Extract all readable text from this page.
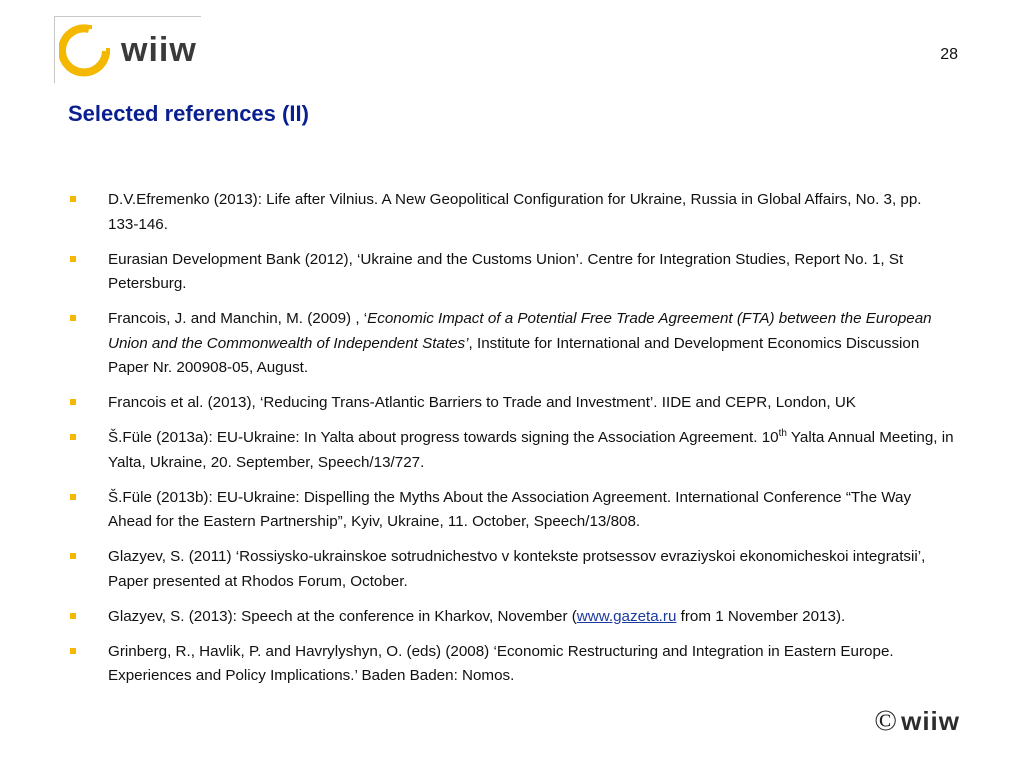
wiiw	28
Selected references (II)
D.V.Efremenko (2013): Life after Vilnius. A New Geopolitical Configuration for Ukraine, Russia in Global Affairs, No. 3, pp. 133-146.
Eurasian Development Bank (2012), ‘Ukraine and the Customs Union’. Centre for Integration Studies, Report No. 1, St Petersburg.
Francois, J. and Manchin, M. (2009) , ‘Economic Impact of a Potential Free Trade Agreement (FTA) between the European Union and the Commonwealth of Independent States’, Institute for International and Development Economics Discussion Paper Nr. 200908-05, August.
Francois et al. (2013), ‘Reducing Trans-Atlantic Barriers to Trade and Investment’. IIDE and CEPR, London, UK
Š.Füle (2013a): EU-Ukraine: In Yalta about progress towards signing the Association Agreement. 10th Yalta Annual Meeting, in Yalta, Ukraine, 20. September, Speech/13/727.
Š.Füle (2013b): EU-Ukraine: Dispelling the Myths About the Association Agreement. International Conference “The Way Ahead for the Eastern Partnership”, Kyiv, Ukraine, 11. October, Speech/13/808.
Glazyev, S. (2011) ‘Rossiysko-ukrainskoe sotrudnichestvo v kontekste protsessov evraziyskoi ekonomicheskoi integratsii’, Paper presented at Rhodos Forum, October.
Glazyev, S. (2013): Speech at the conference in Kharkov, November (www.gazeta.ru from 1 November 2013).
Grinberg, R., Havlik, P. and Havrylyshyn, O. (eds) (2008) ‘Economic Restructuring and Integration in Eastern Europe. Experiences and Policy Implications.’ Baden Baden: Nomos.
© wiiw
